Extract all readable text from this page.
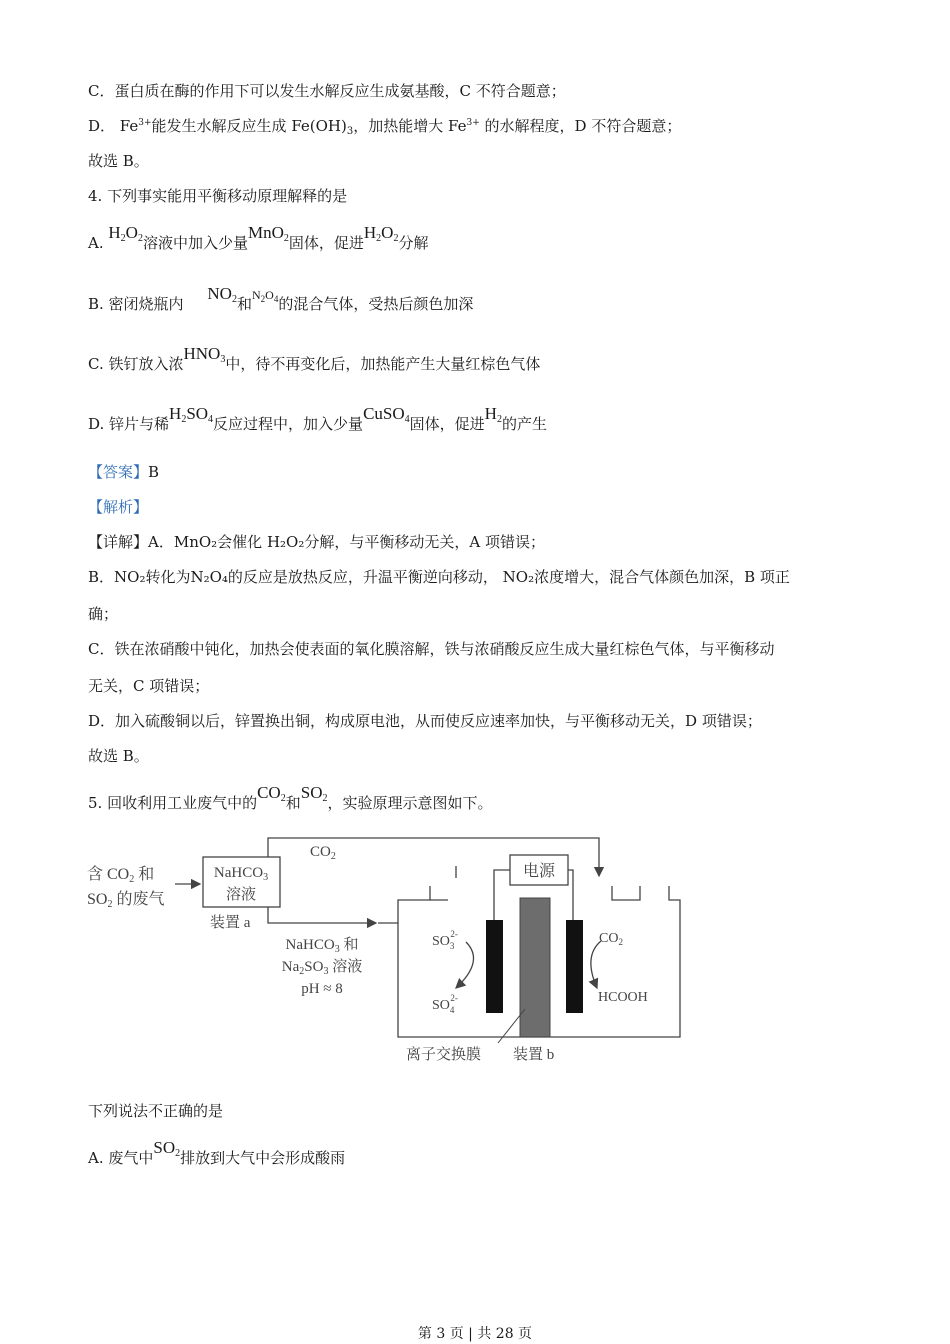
C．蛋白质在酶的作用下可以发生水解反应生成氨基酸，C 不符合题意；
D． $Fe^{3+}$能发生水解反应生成 $Fe(OH)_3$，加热能增大 $Fe^{3+}$ 的水解程度，D 不符合题意；
故选 B。
4. 下列事实能用平衡移动原理解释的是
A. H2O2溶液中加入少量MnO2固体，促进H2O2分解
B. 密闭烧瓶内     NO2和$^{N_2O_4}$的混合气体，受热后颜色加深
C. 铁钉放入浓HNO3中，待不再变化后，加热能产生大量红棕色气体
D. 锌片与稀H2SO4反应过程中，加入少量CuSO4固体，促进H2的产生
【答案】B
【解析】
【详解】A．MnO₂会催化 H₂O₂分解，与平衡移动无关，A 项错误；
B．NO₂转化为N₂O₄的反应是放热反应，升温平衡逆向移动， NO₂浓度增大，混合气体颜色加深，B 项正
确；
C．铁在浓硝酸中钝化，加热会使表面的氧化膜溶解，铁与浓硝酸反应生成大量红棕色气体，与平衡移动
无关，C 项错误；
D．加入硫酸铜以后，锌置换出铜，构成原电池，从而使反应速率加快，与平衡移动无关，D 项错误；
故选 B。
5. 回收利用工业废气中的CO2和SO2，实验原理示意图如下。
含 CO2 和
SO2 的废气
NaHCO$_3$
溶液
装置 a
$CO_2$
NaHCO$_3$ 和
$Na_2SO_3$ 溶液
pH ≈ 8
电源
$SO_32-$
$SO_42-$
$CO_2$
HCOOH
离子交换膜 装置 b
下列说法不正确的是
A. 废气中SO2排放到大气中会形成酸雨
第 3 页 | 共 28 页
